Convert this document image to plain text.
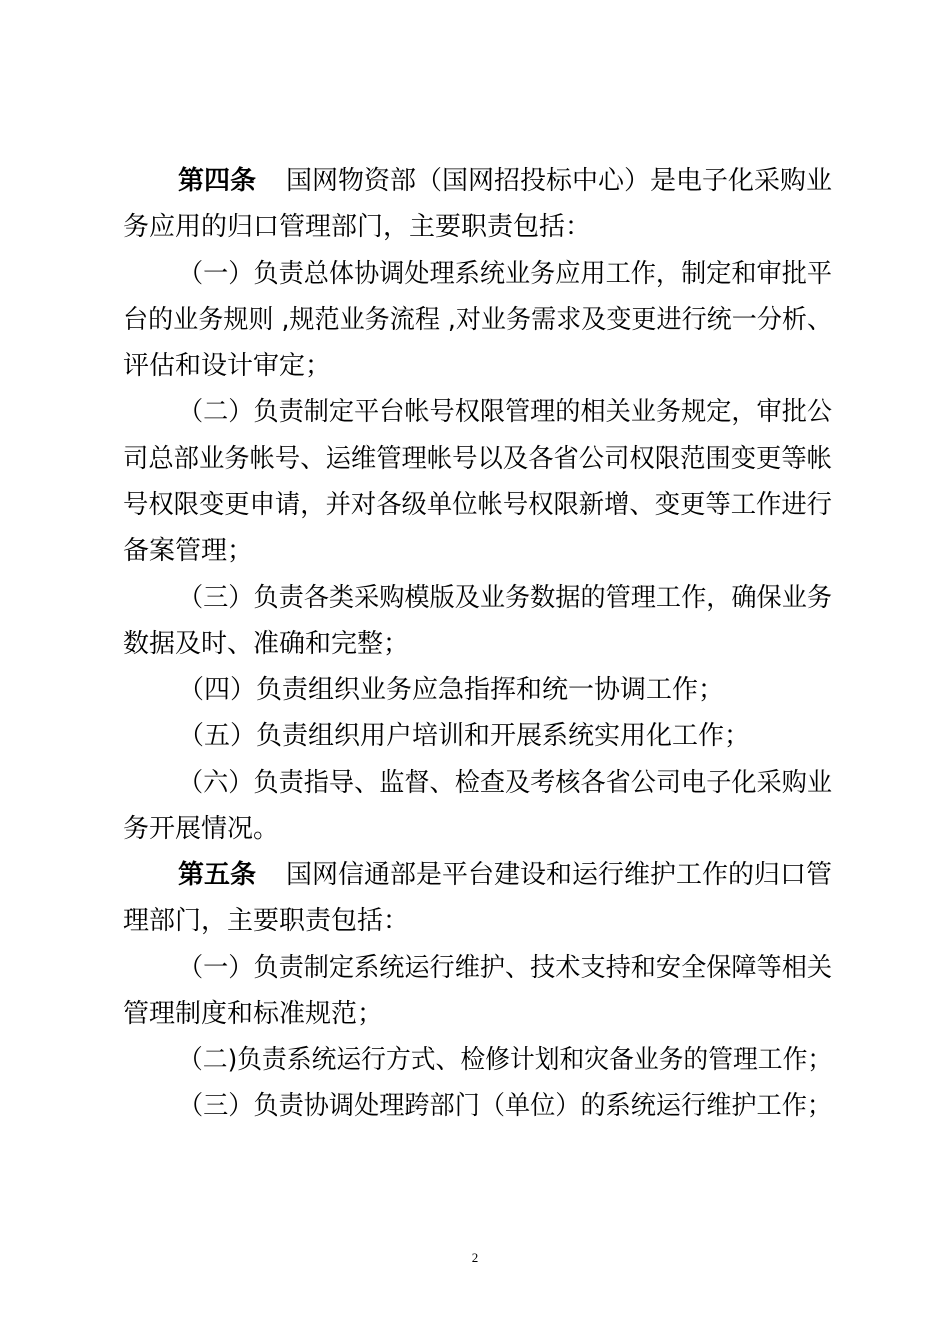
第四条 国网物资部（国网招投标中心）是电子化采购业
务应用的归口管理部门，主要职责包括：
（一）负责总体协调处理系统业务应用工作，制定和审批平
台的业务规则 ,规范业务流程 ,对业务需求及变更进行统一分析、
评估和设计审定；
（二）负责制定平台帐号权限管理的相关业务规定，审批公
司总部业务帐号、运维管理帐号以及各省公司权限范围变更等帐
号权限变更申请，并对各级单位帐号权限新增、变更等工作进行
备案管理；
（三）负责各类采购模版及业务数据的管理工作，确保业务
数据及时、准确和完整；
（四）负责组织业务应急指挥和统一协调工作；
（五）负责组织用户培训和开展系统实用化工作；
（六）负责指导、监督、检查及考核各省公司电子化采购业
务开展情况。
第五条 国网信通部是平台建设和运行维护工作的归口管
理部门，主要职责包括：
（一）负责制定系统运行维护、技术支持和安全保障等相关
管理制度和标准规范；
（二)负责系统运行方式、检修计划和灾备业务的管理工作；
（三）负责协调处理跨部门（单位）的系统运行维护工作；
2
